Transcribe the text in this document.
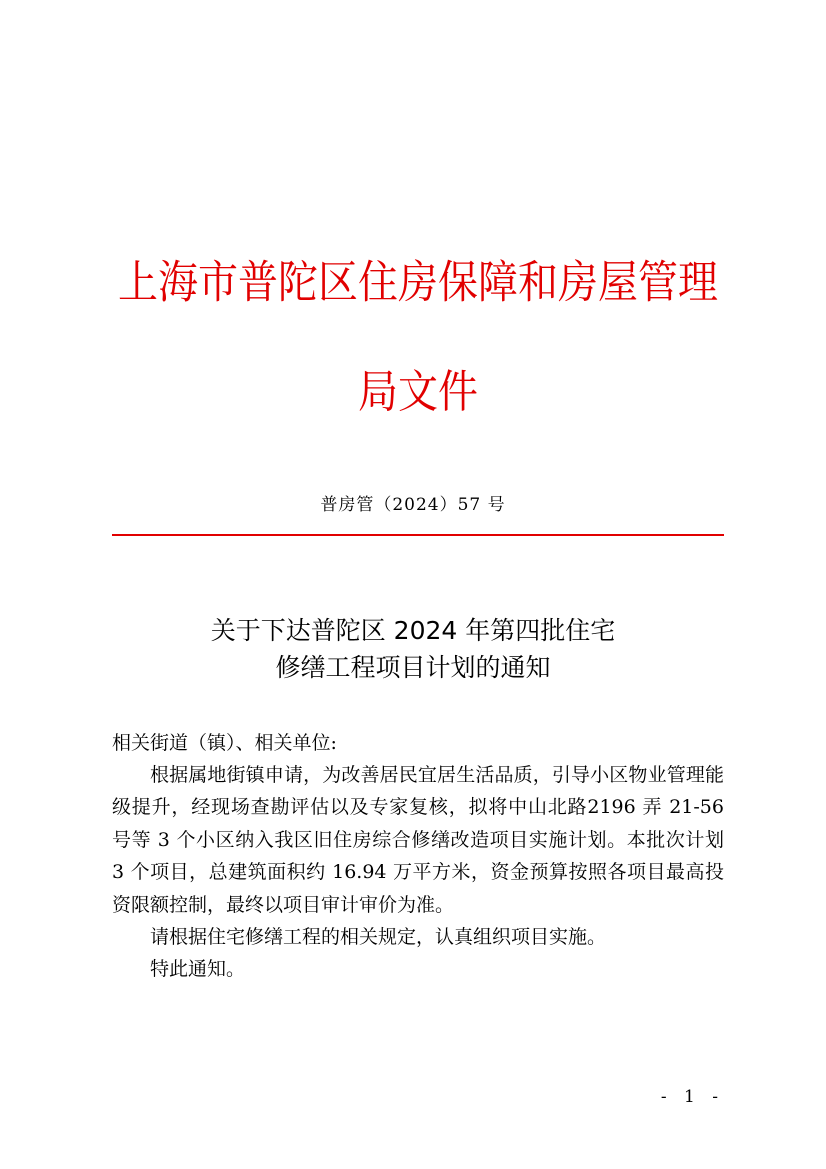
上海市普陀区住房保障和房屋管理局文件
普房管（2024）57 号
关于下达普陀区 2024 年第四批住宅
修缮工程项目计划的通知
相关街道（镇）、相关单位:

根据属地街镇申请，为改善居民宜居生活品质，引导小区物业管理能级提升，经现场查勘评估以及专家复核，拟将中山北路2196 弄 21-56 号等 3 个小区纳入我区旧住房综合修缮改造项目实施计划。本批次计划 3 个项目，总建筑面积约 16.94 万平方米，资金预算按照各项目最高投资限额控制，最终以项目审计审价为准。

请根据住宅修缮工程的相关规定，认真组织项目实施。

特此通知。

- 1 -
